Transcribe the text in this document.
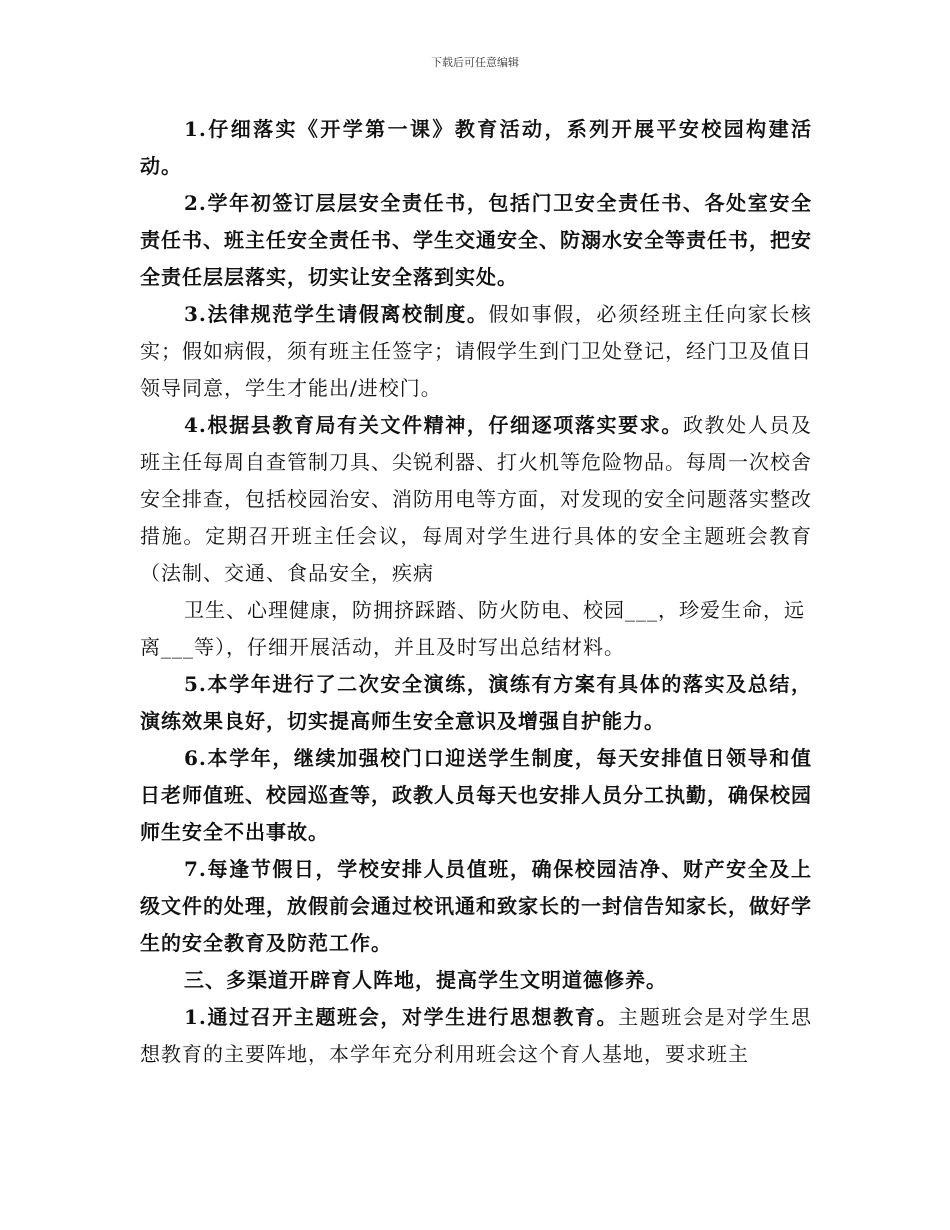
下载后可任意编辑

1.仔细落实《开学第一课》教育活动，系列开展平安校园构建活动。

2.学年初签订层层安全责任书，包括门卫安全责任书、各处室安全责任书、班主任安全责任书、学生交通安全、防溺水安全等责任书，把安全责任层层落实，切实让安全落到实处。

3.法律规范学生请假离校制度。假如事假，必须经班主任向家长核实；假如病假，须有班主任签字；请假学生到门卫处登记，经门卫及值日领导同意，学生才能出/进校门。

4.根据县教育局有关文件精神，仔细逐项落实要求。政教处人员及班主任每周自查管制刀具、尖锐利器、打火机等危险物品。每周一次校舍安全排查，包括校园治安、消防用电等方面，对发现的安全问题落实整改措施。定期召开班主任会议，每周对学生进行具体的安全主题班会教育（法制、交通、食品安全，疾病

卫生、心理健康，防拥挤踩踏、防火防电、校园___，珍爱生命，远离___等），仔细开展活动，并且及时写出总结材料。

5.本学年进行了二次安全演练，演练有方案有具体的落实及总结，演练效果良好，切实提高师生安全意识及增强自护能力。

6.本学年，继续加强校门口迎送学生制度，每天安排值日领导和值日老师值班、校园巡查等，政教人员每天也安排人员分工执勤，确保校园师生安全不出事故。

7.每逢节假日，学校安排人员值班，确保校园洁净、财产安全及上级文件的处理，放假前会通过校讯通和致家长的一封信告知家长，做好学生的安全教育及防范工作。

三、多渠道开辟育人阵地，提高学生文明道德修养。

1.通过召开主题班会，对学生进行思想教育。主题班会是对学生思想教育的主要阵地，本学年充分利用班会这个育人基地，要求班主
